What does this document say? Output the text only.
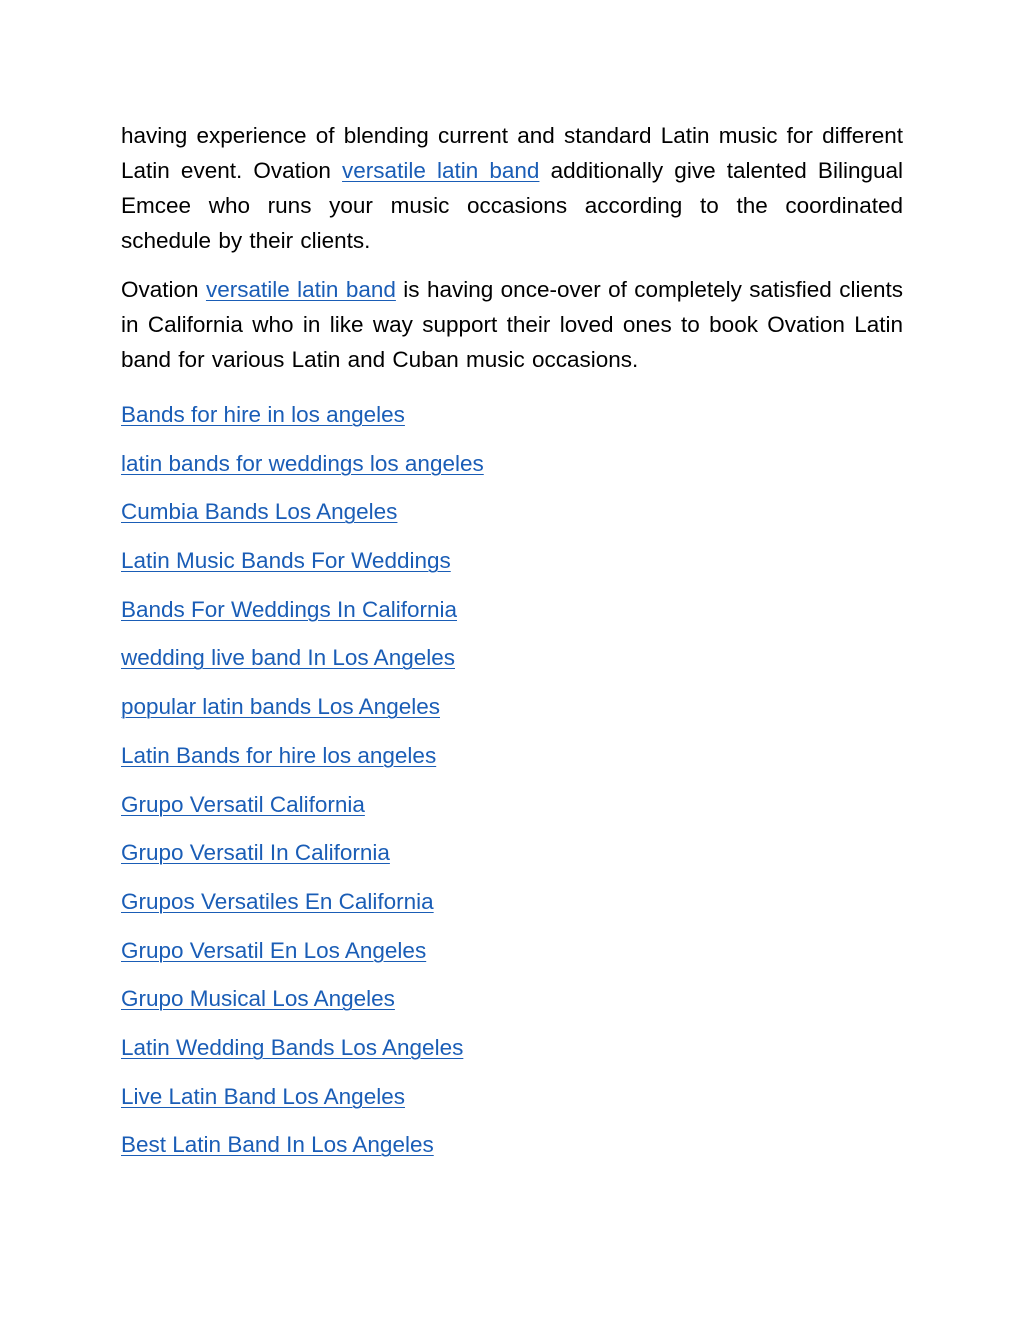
having experience of blending current and standard Latin music for different Latin event. Ovation versatile latin band additionally give talented Bilingual Emcee who runs your music occasions according to the coordinated schedule by their clients.

Ovation versatile latin band is having once-over of completely satisfied clients in California who in like way support their loved ones to book Ovation Latin band for various Latin and Cuban music occasions.

Bands for hire in los angeles
latin bands for weddings los angeles
Cumbia Bands Los Angeles
Latin Music Bands For Weddings
Bands For Weddings In California
wedding live band In Los Angeles
popular latin bands Los Angeles
Latin Bands for hire los angeles
Grupo Versatil California
Grupo Versatil In California
Grupos Versatiles En California
Grupo Versatil En Los Angeles
Grupo Musical Los Angeles
Latin Wedding Bands Los Angeles
Live Latin Band Los Angeles
Best Latin Band In Los Angeles
